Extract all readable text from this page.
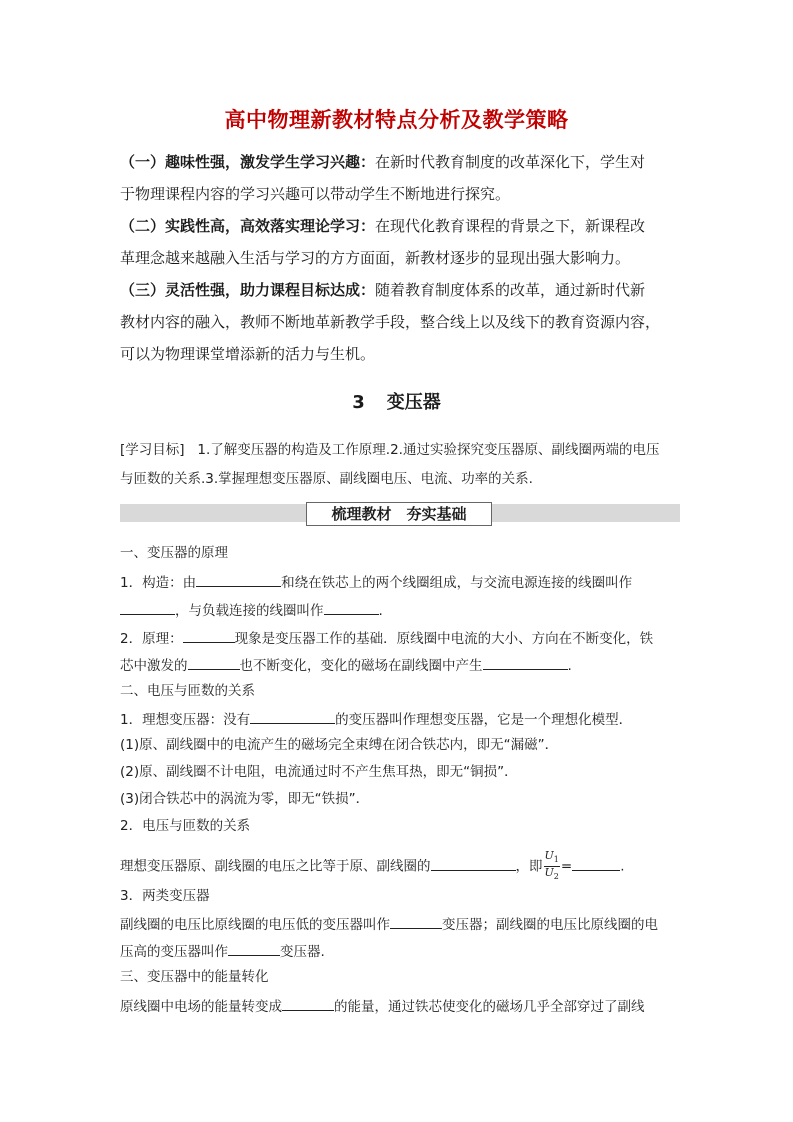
高中物理新教材特点分析及教学策略
（一）趣味性强，激发学生学习兴趣：在新时代教育制度的改革深化下，学生对
于物理课程内容的学习兴趣可以带动学生不断地进行探究。
（二）实践性高，高效落实理论学习：在现代化教育课程的背景之下，新课程改
革理念越来越融入生活与学习的方方面面，新教材逐步的显现出强大影响力。
（三）灵活性强，助力课程目标达成：随着教育制度体系的改革，通过新时代新
教材内容的融入，教师不断地革新教学手段，整合线上以及线下的教育资源内容，
可以为物理课堂增添新的活力与生机。
3 变压器
[学习目标] 1.了解变压器的构造及工作原理.2.通过实验探究变压器原、副线圈两端的电压
与匝数的关系.3.掌握理想变压器原、副线圈电压、电流、功率的关系.
梳理教材　夯实基础
一、变压器的原理
1．构造：由	和绕在铁芯上的两个线圈组成，与交流电源连接的线圈叫作
，与负载连接的线圈叫作	.
2．原理：	现象是变压器工作的基础．原线圈中电流的大小、方向在不断变化，铁
芯中激发的	也不断变化，变化的磁场在副线圈中产生	.
二、电压与匝数的关系
1．理想变压器：没有	的变压器叫作理想变压器，它是一个理想化模型．
(1)原、副线圈中的电流产生的磁场完全束缚在闭合铁芯内，即无“漏磁”．
(2)原、副线圈不计电阻，电流通过时不产生焦耳热，即无“铜损”．
(3)闭合铁芯中的涡流为零，即无“铁损”．
2．电压与匝数的关系
理想变压器原、副线圈的电压之比等于原、副线圈的	，即 $\frac{U_1}{U_2}$ =	.
3．两类变压器
副线圈的电压比原线圈的电压低的变压器叫作	变压器；副线圈的电压比原线圈的电
压高的变压器叫作	变压器.
三、变压器中的能量转化
原线圈中电场的能量转变成	的能量，通过铁芯使变化的磁场几乎全部穿过了副线
